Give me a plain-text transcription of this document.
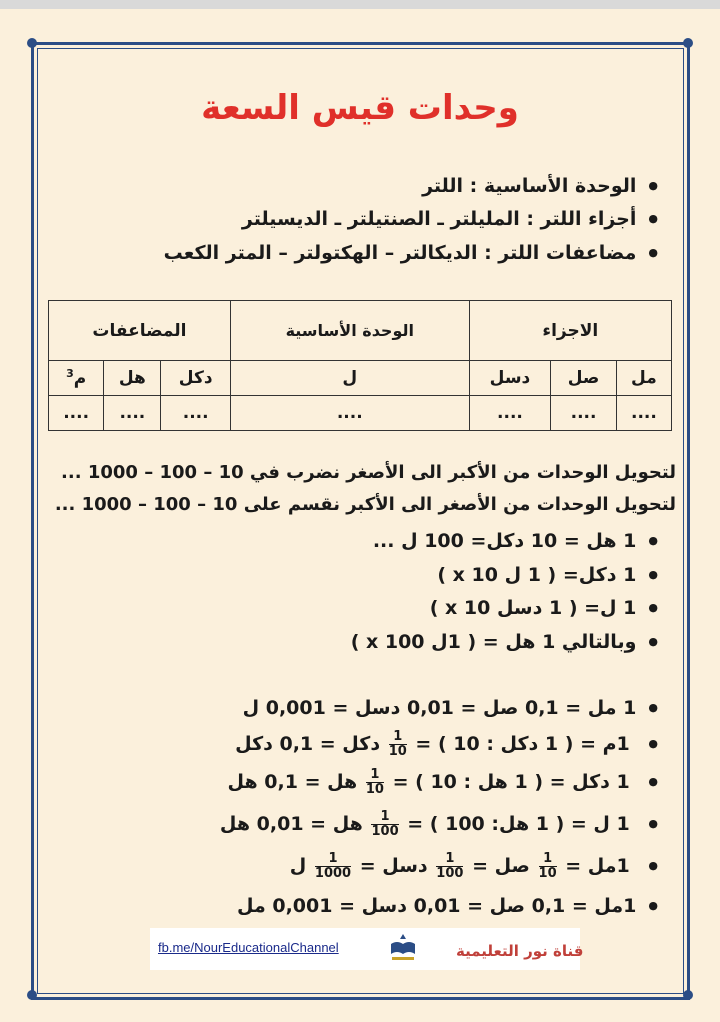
وحدات قيس السعة
● الوحدة الأساسية : اللتر
● أجزاء اللتر : المليلتر ـ الصنتيلتر ـ الديسيلتر
● مضاعفات اللتر : الديكالتر – الهكتولتر – المتر الكعب
الاجزاء			الوحدة الأساسية	المضاعفات		
مل	صل	دسل	ل	دكل	هل	م$^3$
....	....	....	....	....	....	....
لتحويل الوحدات من الأكبر الى الأصغر نضرب في 10 – 100 – 1000 ...
لتحويل الوحدات من الأصغر الى الأكبر نقسم على 10 – 100 – 1000 ...
● 1 هل = 10 دكل= 100 ل ...
● 1 دكل= ( 1 ل x 10 )
● 1 ل= ( 1 دسل x 10 )
● وبالتالي 1 هل = ( 1ل x 100 )
● 1 مل = 0,1 صل = 0,01 دسل = 0,001 ل
● 1م = ( 1 دكل : 10 ) =
$\frac{1}{10}$
دكل = 0,1 دكل
● 1 دكل = ( 1 هل : 10 ) =
$\frac{1}{10}$
هل = 0,1 هل
● 1 ل = ( 1 هل: 100 ) =
$\frac{1}{100}$
هل = 0,01 هل
● 1مل =
$\frac{1}{10}$
صل =
$\frac{1}{100}$
دسل =
$\frac{1}{1000}$
ل
● 1مل = 0,1 صل = 0,01 دسل = 0,001 مل
fb.me/NourEducationalChannel	قناة نور التعليمية
